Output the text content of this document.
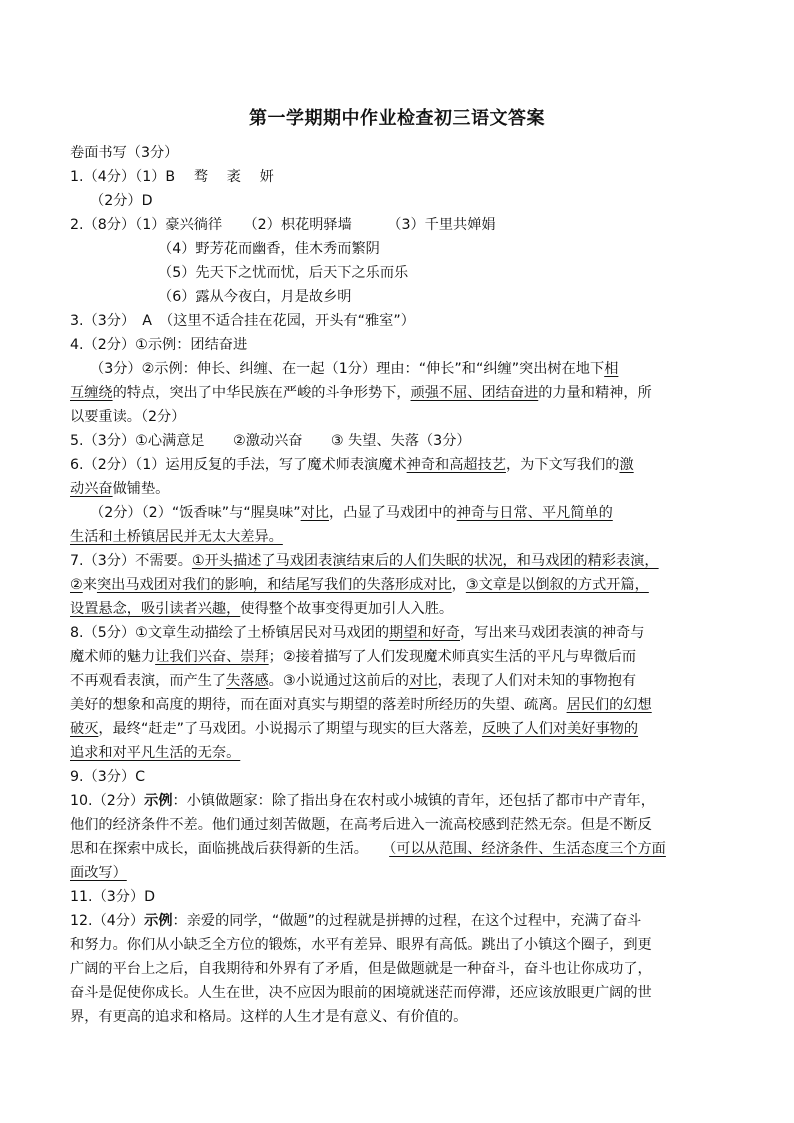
第一学期期中作业检查初三语文答案
卷面书写（3分）
1.（4分）（1）B　 骛　 袤　 妍
（2分）D
2.（8分）（1）豪兴徜徉　　（2）枳花明驿墙　　　（3）千里共婵娟
（4）野芳花而幽香，佳木秀而繁阴
（5）先天下之忧而忧，后天下之乐而乐
（6）露从今夜白，月是故乡明
3.（3分）　A　（这里不适合挂在花园，开头有“雅室”）
4.（2分）①示例：团结奋进
（3分）②示例：伸长、纠缠、在一起（1分）理由：“伸长”和“纠缠”突出树在地下相
互缠绕的特点，突出了中华民族在严峻的斗争形势下，顽强不屈、团结奋进的力量和精神，所
以要重读。（2分）
5.（3分）①心满意足　　②激动兴奋　　③ 失望、失落（3分）
6.（2分）（1）运用反复的手法，写了魔术师表演魔术神奇和高超技艺，为下文写我们的激
动兴奋做铺垫。
（2分）（2）“饭香味”与“腥臭味”对比，凸显了马戏团中的神奇与日常、平凡简单的
生活和土桥镇居民并无太大差异。
7.（3分）不需要。①开头描述了马戏团表演结束后的人们失眠的状况，和马戏团的精彩表演，
②来突出马戏团对我们的影响，和结尾写我们的失落形成对比，③文章是以倒叙的方式开篇，
设置悬念，吸引读者兴趣，使得整个故事变得更加引人入胜。
8.（5分）①文章生动描绘了土桥镇居民对马戏团的期望和好奇，写出来马戏团表演的神奇与
魔术师的魅力让我们兴奋、崇拜；②接着描写了人们发现魔术师真实生活的平凡与卑微后而
不再观看表演，而产生了失落感。③小说通过这前后的对比，表现了人们对未知的事物抱有
美好的想象和高度的期待，而在面对真实与期望的落差时所经历的失望、疏离。居民们的幻想
破灭，最终“赶走”了马戏团。小说揭示了期望与现实的巨大落差，反映了人们对美好事物的
追求和对平凡生活的无奈。
9.（3分）C
10.（2分）示例：小镇做题家：除了指出身在农村或小城镇的青年，还包括了都市中产青年，
他们的经济条件不差。他们通过刻苦做题，在高考后进入一流高校感到茫然无奈。但是不断反
思和在探索中成长，面临挑战后获得新的生活。　　（可以从范围、经济条件、生活态度三个方面
面改写）
11.（3分）D
12.（4分）示例：亲爱的同学，“做题”的过程就是拼搏的过程，在这个过程中，充满了奋斗
和努力。你们从小缺乏全方位的锻炼，水平有差异、眼界有高低。跳出了小镇这个圈子，到更
广阔的平台上之后，自我期待和外界有了矛盾，但是做题就是一种奋斗，奋斗也让你成功了，
奋斗是促使你成长。人生在世，决不应因为眼前的困境就迷茫而停滞，还应该放眼更广阔的世
界，有更高的追求和格局。这样的人生才是有意义、有价值的。
